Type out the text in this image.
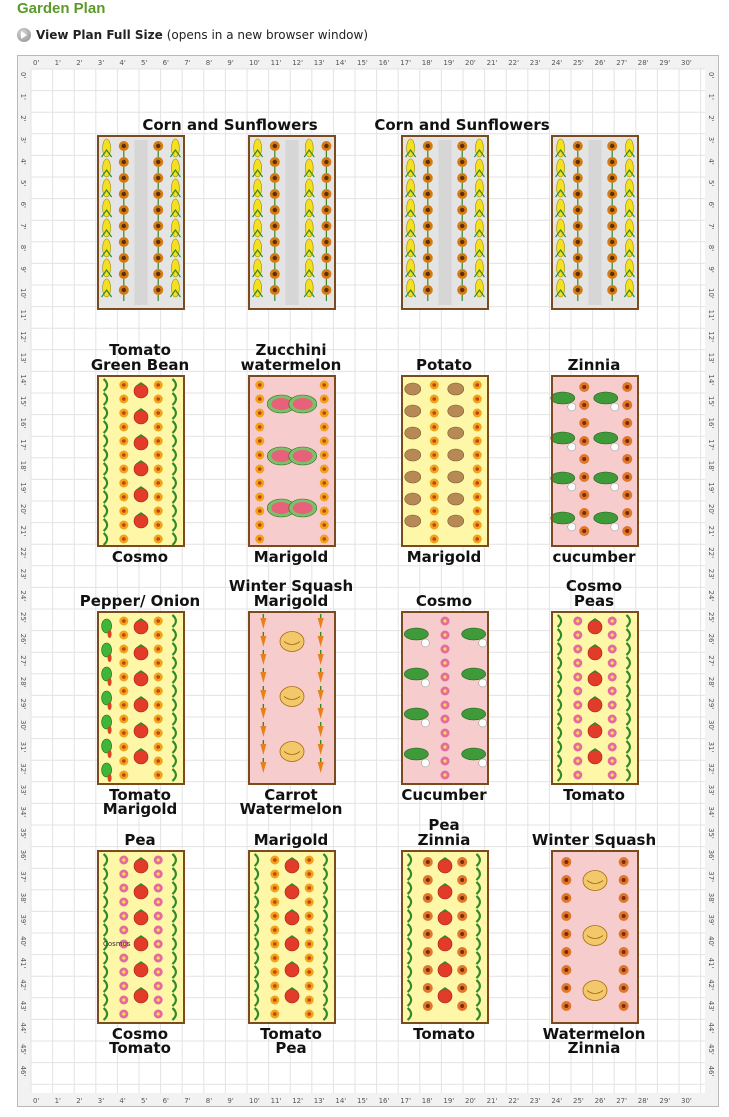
Garden Plan
View Plan Full Size (opens in a new browser window)
0'
0'
1'
1'
2'
2'
3'
3'
4'
4'
5'
5'
6'
6'
7'
7'
8'
8'
9'
9'
10'
10'
11'
11'
12'
12'
13'
13'
14'
14'
15'
15'
16'
16'
17'
17'
18'
18'
19'
19'
20'
20'
21'
21'
22'
22'
23'
23'
24'
24'
25'
25'
26'
26'
27'
27'
28'
28'
29'
29'
30'
30'
0'	0'
1'	1'
2'	2'
3'	3'
4'	4'
5'	5'
6'	6'
7'	7'
8'	8'
9'	9'
10'	10'
11'	11'
12'	12'
13'	13'
14'	14'
15'	15'
16'	16'
17'	17'
18'	18'
19'	19'
20'	20'
21'	21'
22'	22'
23'	23'
24'	24'
25'	25'
26'	26'
27'	27'
28'	28'
29'	29'
30'	30'
31'	31'
32'	32'
33'	33'
34'	34'
35'	35'
36'	36'
37'	37'
38'	38'
39'	39'
40'	40'
41'	41'
42'	42'
43'	43'
44'	44'
45'	45'
46'	46'
Corn and Sunflowers	Corn and Sunflowers
Tomato
Green Bean
Cosmo
Zucchini
watermelon
Marigold
Potato
Marigold
Zinnia
cucumber
Pepper/ Onion
Tomato
Marigold
Winter Squash
Marigold
Carrot
Watermelon
Cosmo
Cucumber
Cosmo
Peas
Tomato
Pea
Cosmo
Tomato
Cosmos
Marigold
Tomato
Pea
Pea
Zinnia
Tomato
Winter Squash
Watermelon
Zinnia
